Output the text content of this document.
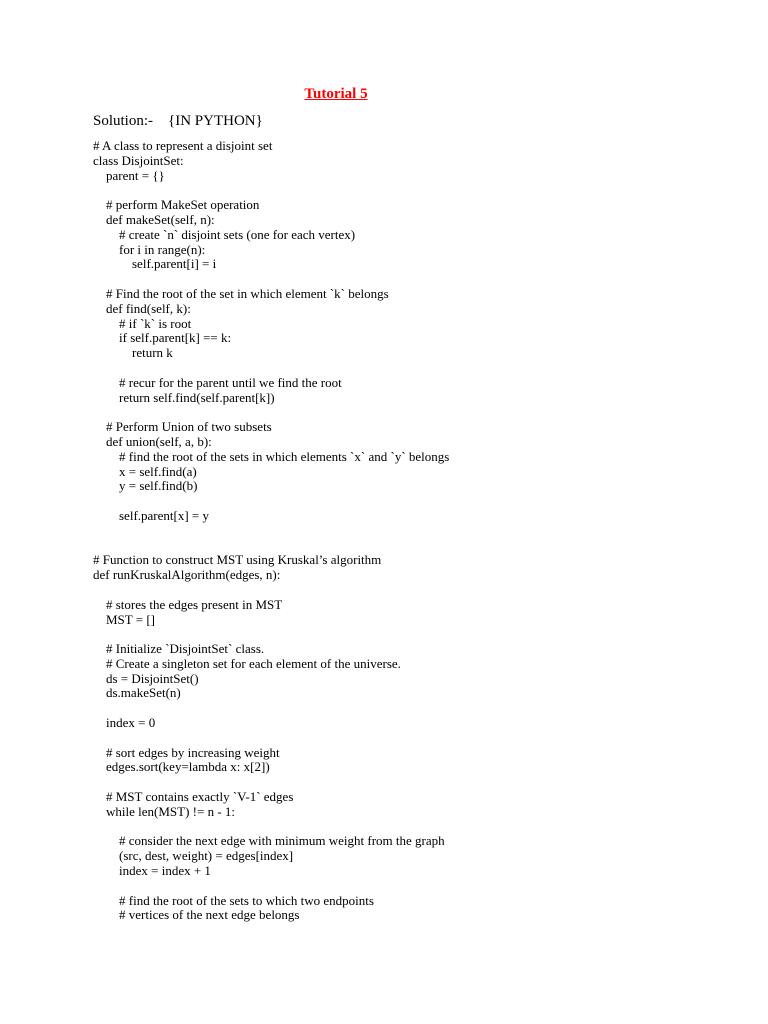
Tutorial 5
Solution:-    {IN PYTHON}
# A class to represent a disjoint set
class DisjointSet:
parent = {}
# perform MakeSet operation
def makeSet(self, n):
# create `n` disjoint sets (one for each vertex)
for i in range(n):
self.parent[i] = i
# Find the root of the set in which element `k` belongs
def find(self, k):
# if `k` is root
if self.parent[k] == k:
return k
# recur for the parent until we find the root
return self.find(self.parent[k])
# Perform Union of two subsets
def union(self, a, b):
# find the root of the sets in which elements `x` and `y` belongs
x = self.find(a)
y = self.find(b)
self.parent[x] = y
# Function to construct MST using Kruskal’s algorithm
def runKruskalAlgorithm(edges, n):
# stores the edges present in MST
MST = []
# Initialize `DisjointSet` class.
# Create a singleton set for each element of the universe.
ds = DisjointSet()
ds.makeSet(n)
index = 0
# sort edges by increasing weight
edges.sort(key=lambda x: x[2])
# MST contains exactly `V-1` edges
while len(MST) != n - 1:
# consider the next edge with minimum weight from the graph
(src, dest, weight) = edges[index]
index = index + 1
# find the root of the sets to which two endpoints
# vertices of the next edge belongs
